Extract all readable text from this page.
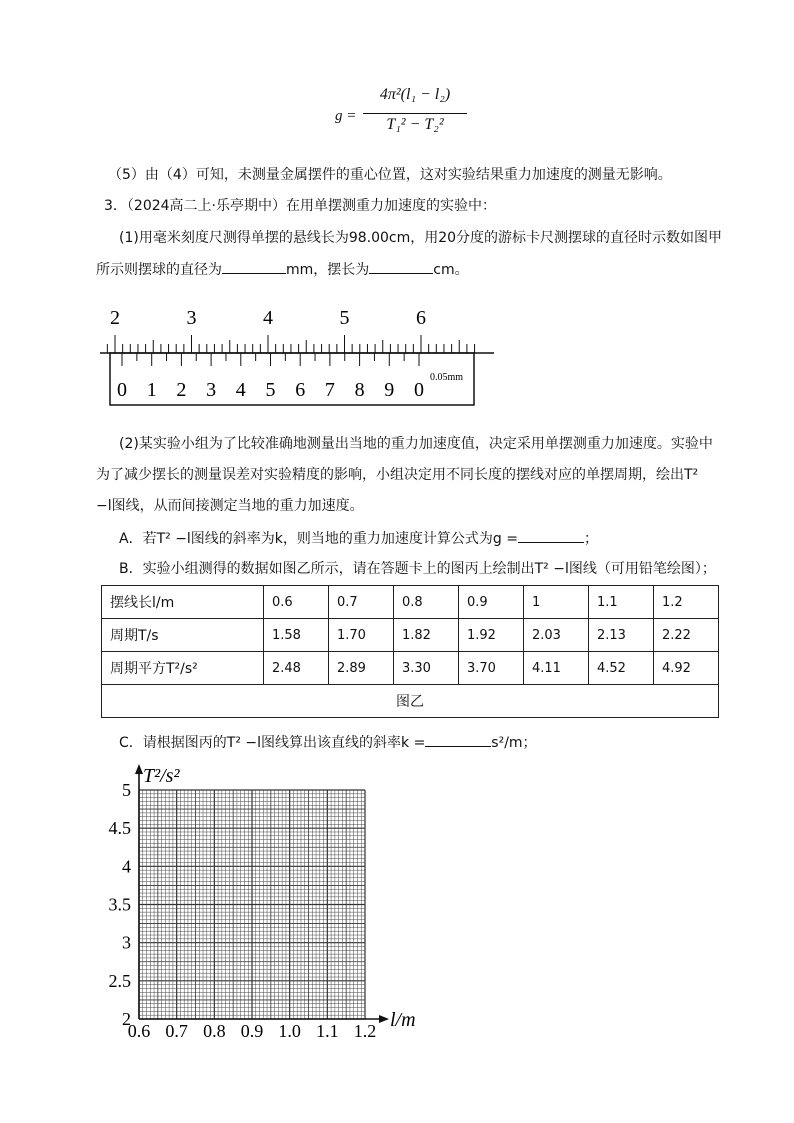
g =
4π²(l₁ − l₂)
T₁² − T₂²
（5）由（4）可知，未测量金属摆件的重心位置，这对实验结果重力加速度的测量无影响。
3．（2024高二上·乐亭期中）在用单摆测重力加速度的实验中：
(1)用毫米刻度尺测得单摆的悬线长为98.00cm，用20分度的游标卡尺测摆球的直径时示数如图甲
所示则摆球的直径为	mm，摆长为	cm。
2	3	4	5	6
0 1 2 3 4 5 6 7 8 9 0
0.05mm
(2)某实验小组为了比较准确地测量出当地的重力加速度值，决定采用单摆测重力加速度。实验中
为了减少摆长的测量误差对实验精度的影响，小组决定用不同长度的摆线对应的单摆周期，绘出T²
−l图线，从而间接测定当地的重力加速度。
A．若T² −l图线的斜率为k，则当地的重力加速度计算公式为g =	；
B．实验小组测得的数据如图乙所示，请在答题卡上的图丙上绘制出T² −l图线（可用铅笔绘图）；
摆线长l/m	0.6	0.7	0.8	0.9	1	1.1	1.2
周期T/s	1.58	1.70	1.82	1.92	2.03	2.13	2.22
周期平方T²/s²	2.48	2.89	3.30	3.70	4.11	4.52	4.92
图乙							
C．请根据图丙的T² −l图线算出该直线的斜率k =	s²/m；
2
2.5
3
3.5
4
4.5
5
0.6 0.7 0.8 0.9 1.0 1.1 1.2
T²/s²
l/m
